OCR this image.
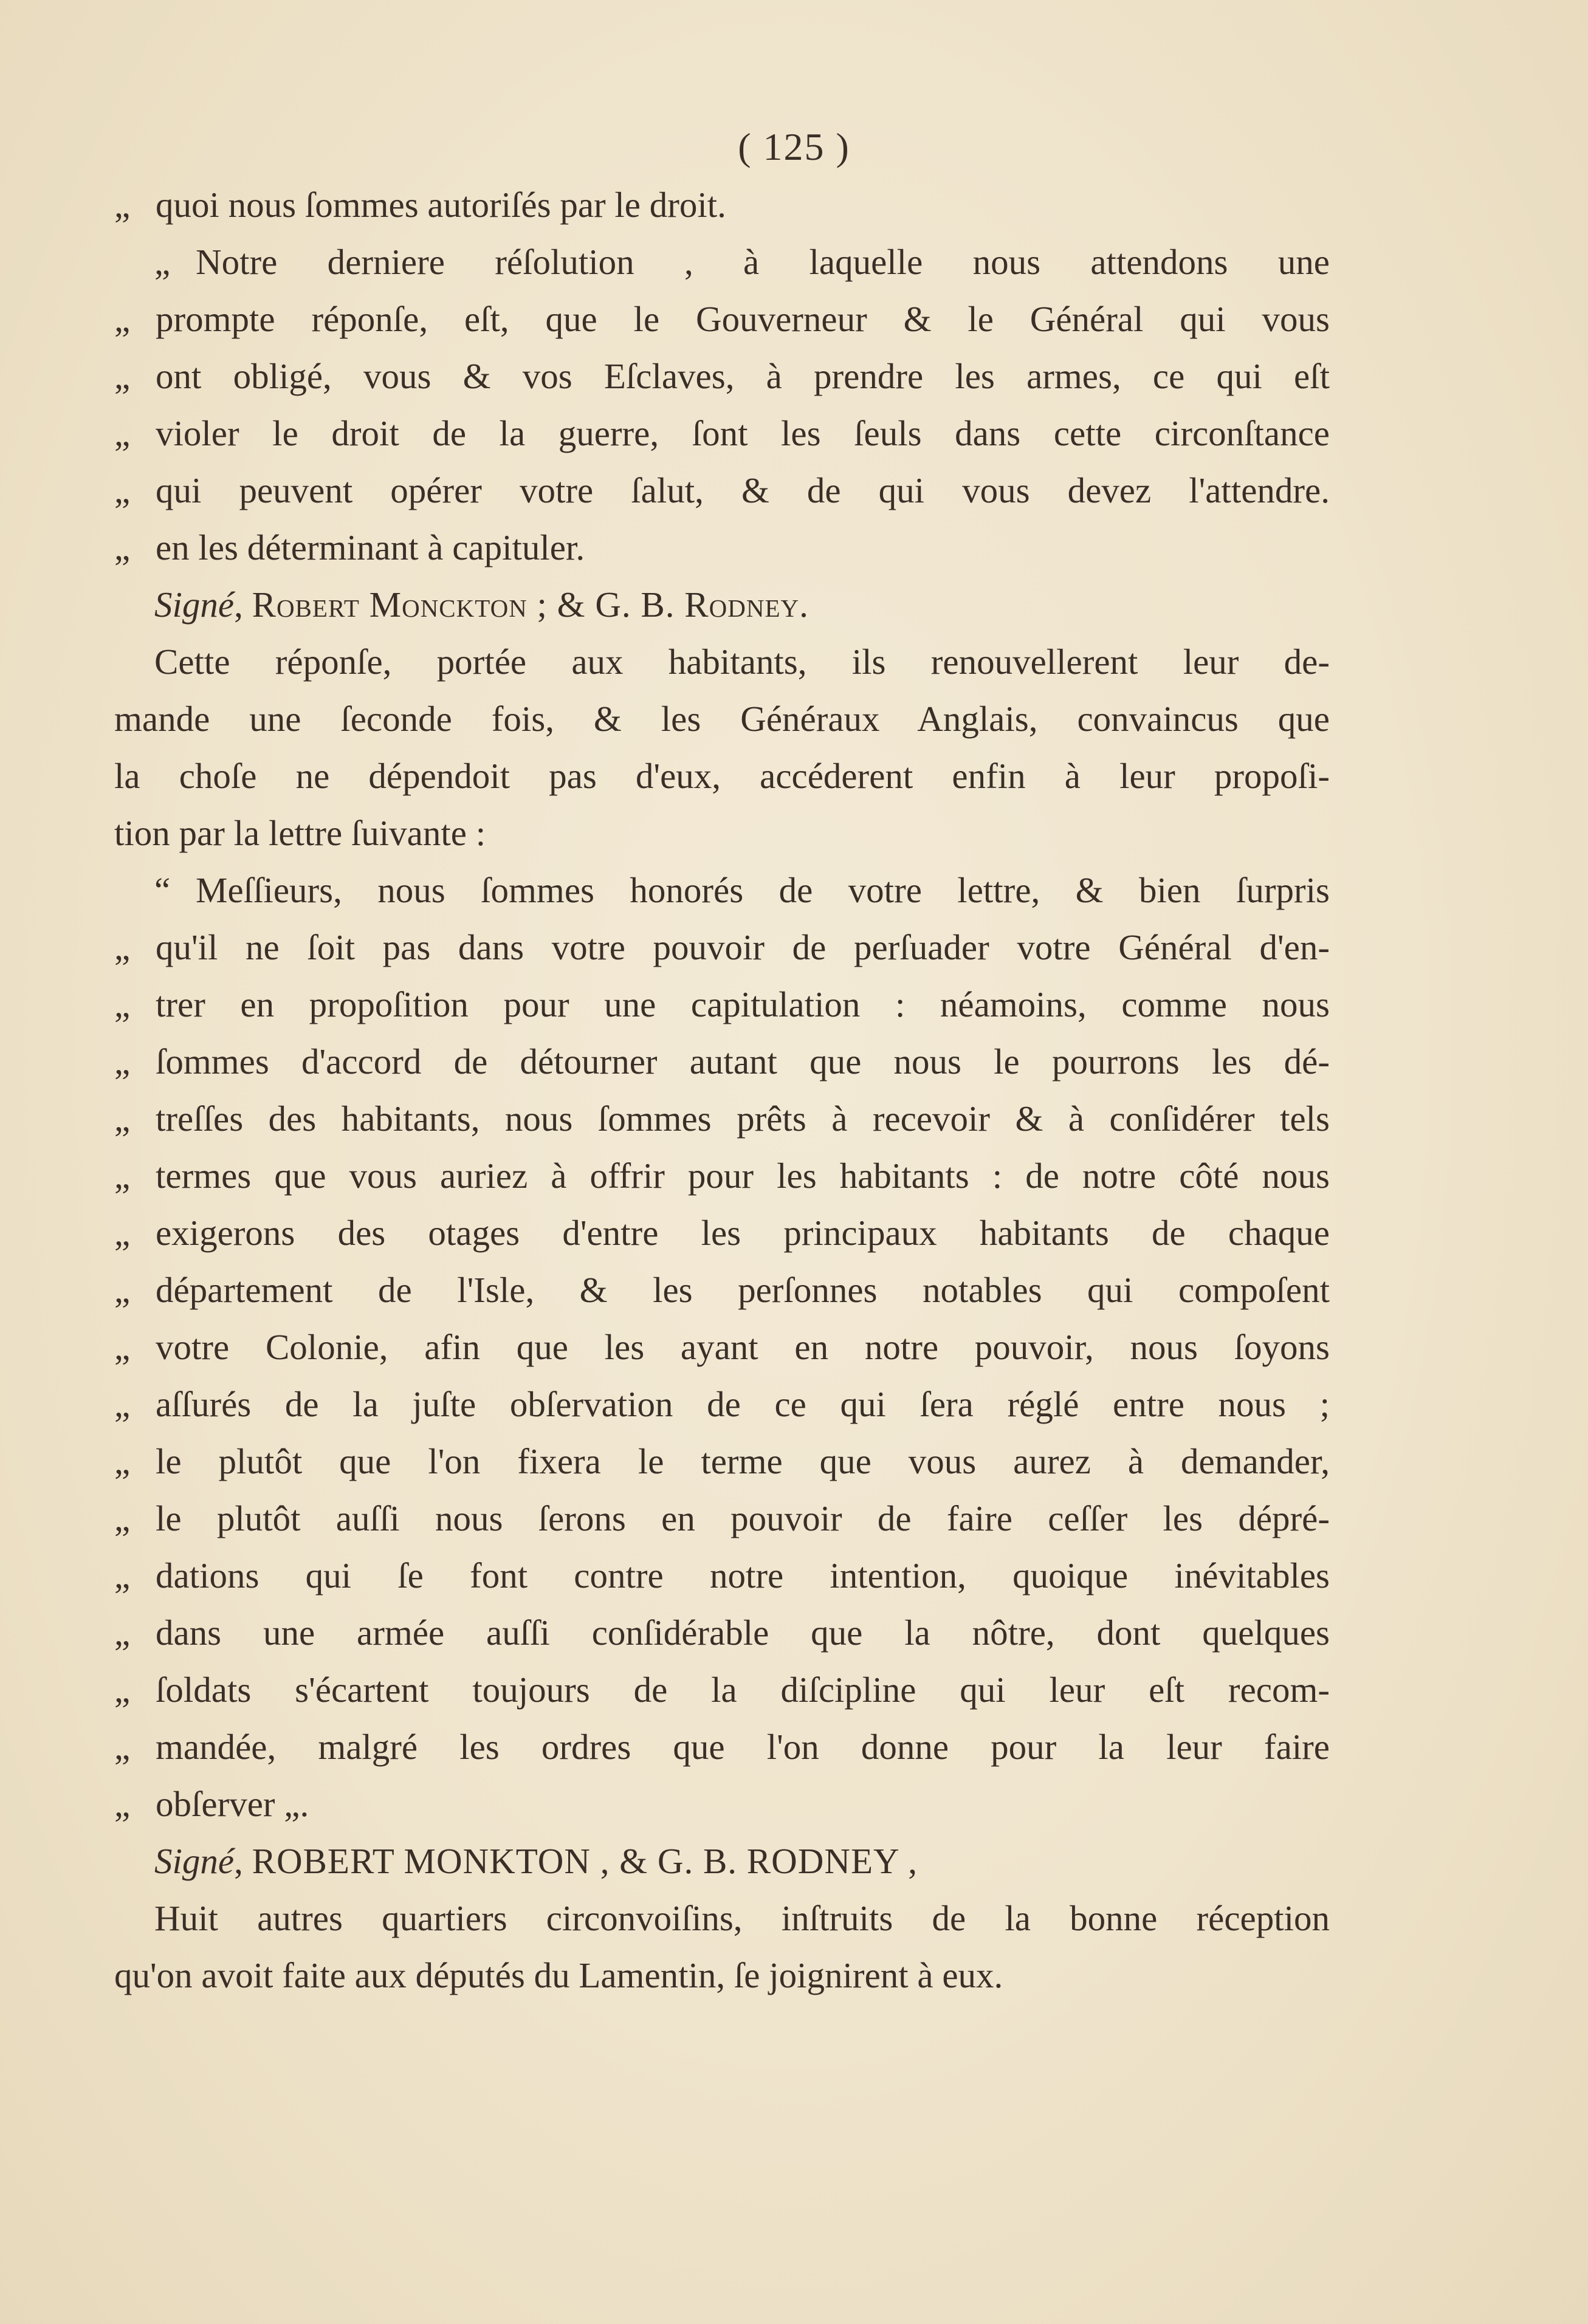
( 125 )
„ quoi nous ſommes autoriſés par le droit.
„ Notre derniere réſolution , à laquelle nous attendons une
„ prompte réponſe, eſt, que le Gouverneur & le Général qui vous
„ ont obligé, vous & vos Eſclaves, à prendre les armes, ce qui eſt
„ violer le droit de la guerre, ſont les ſeuls dans cette circonſtance
„ qui peuvent opérer votre ſalut, & de qui vous devez l'attendre.
„ en les déterminant à capituler.
Signé, Robert Monckton ; & G. B. Rodney.
Cette réponſe, portée aux habitants, ils renouvellerent leur de-
mande une ſeconde fois, & les Généraux Anglais, convaincus que
la choſe ne dépendoit pas d'eux, accéderent enfin à leur propoſi-
tion par la lettre ſuivante :
“ Meſſieurs, nous ſommes honorés de votre lettre, & bien ſurpris
„ qu'il ne ſoit pas dans votre pouvoir de perſuader votre Général d'en-
„ trer en propoſition pour une capitulation : néamoins, comme nous
„ ſommes d'accord de détourner autant que nous le pourrons les dé-
„ treſſes des habitants, nous ſommes prêts à recevoir & à conſidérer tels
„ termes que vous auriez à offrir pour les habitants : de notre côté nous
„ exigerons des otages d'entre les principaux habitants de chaque
„ département de l'Isle, & les perſonnes notables qui compoſent
„ votre Colonie, afin que les ayant en notre pouvoir, nous ſoyons
„ aſſurés de la juſte obſervation de ce qui ſera réglé entre nous ;
„ le plutôt que l'on fixera le terme que vous aurez à demander,
„ le plutôt auſſi nous ſerons en pouvoir de faire ceſſer les dépré-
„ dations qui ſe font contre notre intention, quoique inévitables
„ dans une armée auſſi conſidérable que la nôtre, dont quelques
„ ſoldats s'écartent toujours de la diſcipline qui leur eſt recom-
„ mandée, malgré les ordres que l'on donne pour la leur faire
„ obſerver „.
Signé, ROBERT MONKTON , & G. B. RODNEY ,
Huit autres quartiers circonvoiſins, inſtruits de la bonne réception
qu'on avoit faite aux députés du Lamentin, ſe joignirent à eux.
